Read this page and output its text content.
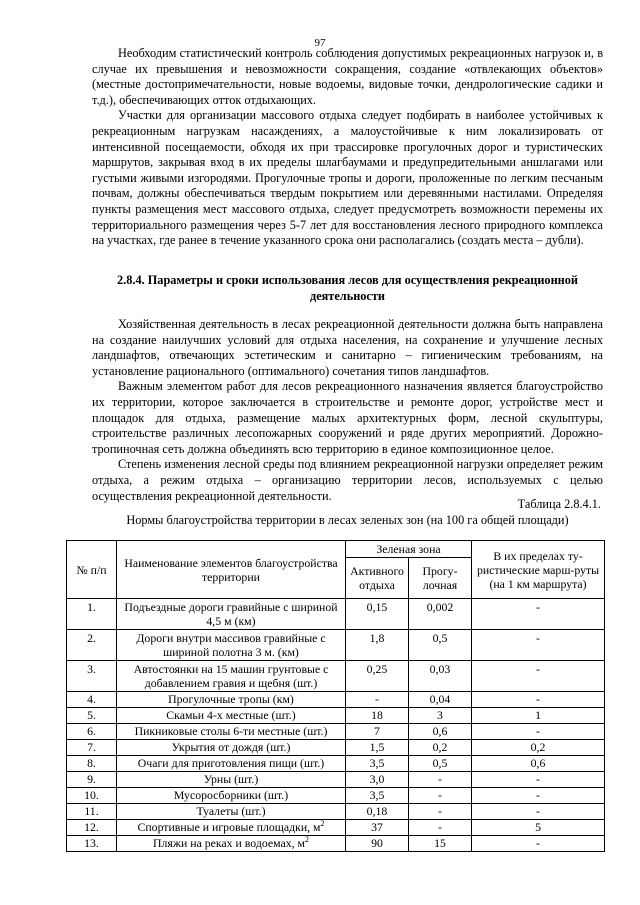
97

Необходим статистический контроль соблюдения допустимых рекреационных нагрузок и, в случае их превышения и невозможности сокращения, создание «отвлекающих объектов» (местные достопримечательности, новые водоемы, видовые точки, дендрологические садики и т.д.), обеспечивающих отток отдыхающих.

Участки для организации массового отдыха следует подбирать в наиболее устойчивых к рекреационным нагрузкам насаждениях, а малоустойчивые к ним локализировать от интенсивной посещаемости, обходя их при трассировке прогулочных дорог и туристических маршрутов, закрывая вход в их пределы шлагбаумами и предупредительными аншлагами или густыми живыми изгородями. Прогулочные тропы и дороги, проложенные по легким песчаным почвам, должны обеспечиваться твердым покрытием или деревянными настилами. Определяя пункты размещения мест массового отдыха, следует предусмотреть возможности перемены их территориального размещения через 5-7 лет для восстановления лесного природного комплекса на участках, где ранее в течение указанного срока они располагались (создать места – дубли).

2.8.4. Параметры и сроки использования лесов для осуществления рекреационной деятельности

Хозяйственная деятельность в лесах рекреационной деятельности должна быть направлена на создание наилучших условий для отдыха населения, на сохранение и улучшение лесных ландшафтов, отвечающих эстетическим и санитарно – гигиеническим требованиям, на установление рационального (оптимального) сочетания типов ландшафтов.

Важным элементом работ для лесов рекреационного назначения является благоустройство их территории, которое заключается в строительстве и ремонте дорог, устройстве мест и площадок для отдыха, размещение малых архитектурных форм, лесной скульптуры, строительстве различных лесопожарных сооружений и ряде других мероприятий. Дорожно-тропиночная сеть должна объединять всю территорию в единое композиционное целое.

Степень изменения лесной среды под влиянием рекреационной нагрузки определяет режим отдыха, а режим отдыха – организацию территории лесов, используемых с целью осуществления рекреационной деятельности.

Таблица 2.8.4.1.
Нормы благоустройства территории в лесах зеленых зон (на 100 га общей площади)
№ п/п	Наименование элементов благоустройства территории	Зеленая зона		В их пределах ту-ристические марш-руты (на 1 км маршрута)
		Активного отдыха	Прогу-лочная	
1.	Подъездные дороги гравийные с шириной 4,5 м (км)	0,15	0,002	-
2.	Дороги внутри массивов гравийные с шириной полотна 3 м. (км)	1,8	0,5	-
3.	Автостоянки на 15 машин грунтовые с добавлением гравия и щебня (шт.)	0,25	0,03	-
4.	Прогулочные тропы (км)	-	0,04	-
5.	Скамьи 4-х местные (шт.)	18	3	1
6.	Пикниковые столы 6-ти местные (шт.)	7	0,6	-
7.	Укрытия от дождя (шт.)	1,5	0,2	0,2
8.	Очаги для приготовления пищи (шт.)	3,5	0,5	0,6
9.	Урны (шт.)	3,0	-	-
10.	Мусоросборники (шт.)	3,5	-	-
11.	Туалеты (шт.)	0,18	-	-
12.	Спортивные и игровые площадки, $м^2$	37	-	5
13.	Пляжи на реках и водоемах, $м^2$	90	15	-
